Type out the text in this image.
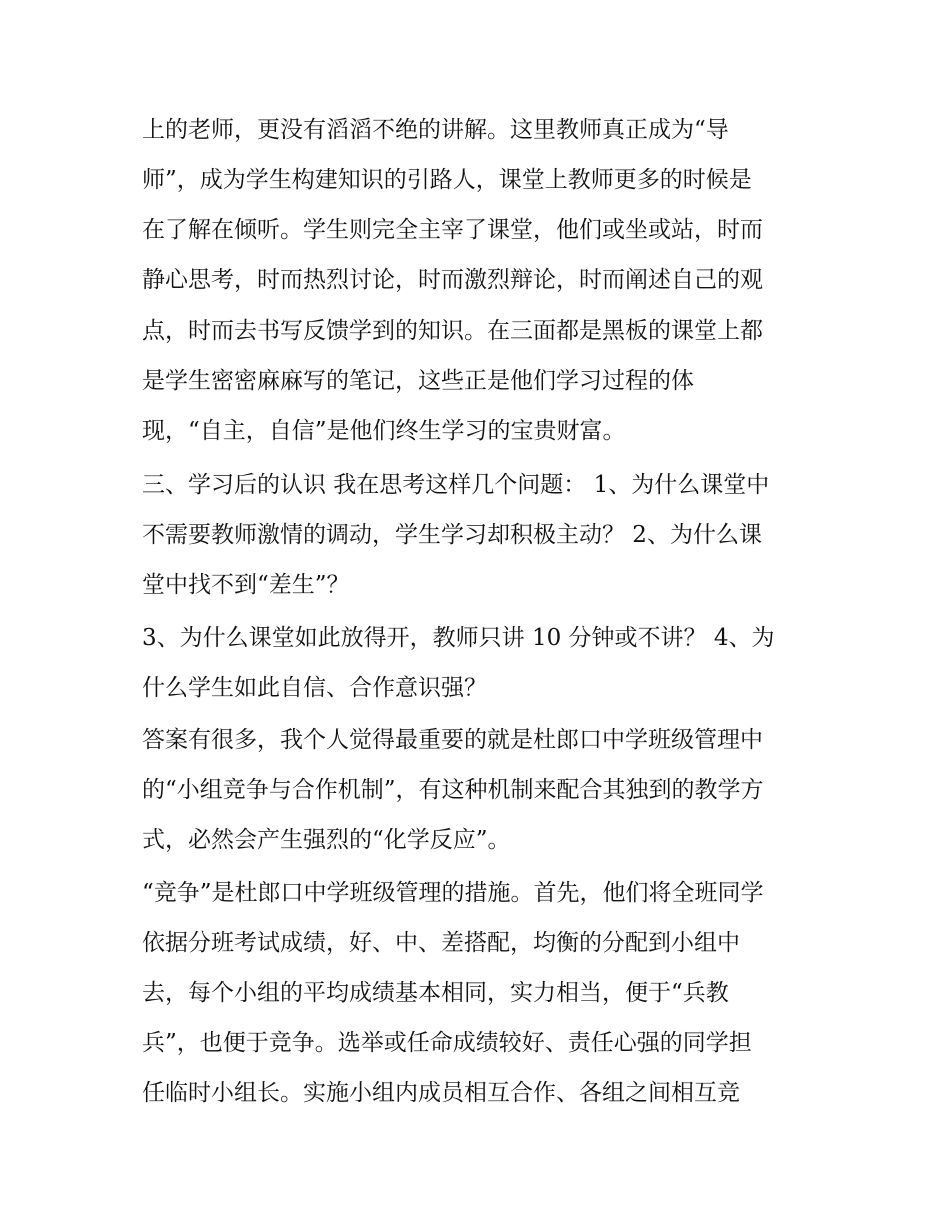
上的老师，更没有滔滔不绝的讲解。这里教师真正成为“导
师”，成为学生构建知识的引路人，课堂上教师更多的时候是
在了解在倾听。学生则完全主宰了课堂，他们或坐或站，时而
静心思考，时而热烈讨论，时而激烈辩论，时而阐述自己的观
点，时而去书写反馈学到的知识。在三面都是黑板的课堂上都
是学生密密麻麻写的笔记，这些正是他们学习过程的体
现，“自主，自信”是他们终生学习的宝贵财富。
三、学习后的认识 我在思考这样几个问题： 1、为什么课堂中
不需要教师激情的调动，学生学习却积极主动？ 2、为什么课
堂中找不到“差生”？
3、为什么课堂如此放得开，教师只讲 10 分钟或不讲？ 4、为
什么学生如此自信、合作意识强？
答案有很多，我个人觉得最重要的就是杜郎口中学班级管理中
的“小组竞争与合作机制”，有这种机制来配合其独到的教学方
式，必然会产生强烈的“化学反应”。
“竞争”是杜郎口中学班级管理的措施。首先，他们将全班同学
依据分班考试成绩，好、中、差搭配，均衡的分配到小组中
去，每个小组的平均成绩基本相同，实力相当，便于“兵教
兵”，也便于竞争。选举或任命成绩较好、责任心强的同学担
任临时小组长。实施小组内成员相互合作、各组之间相互竞
